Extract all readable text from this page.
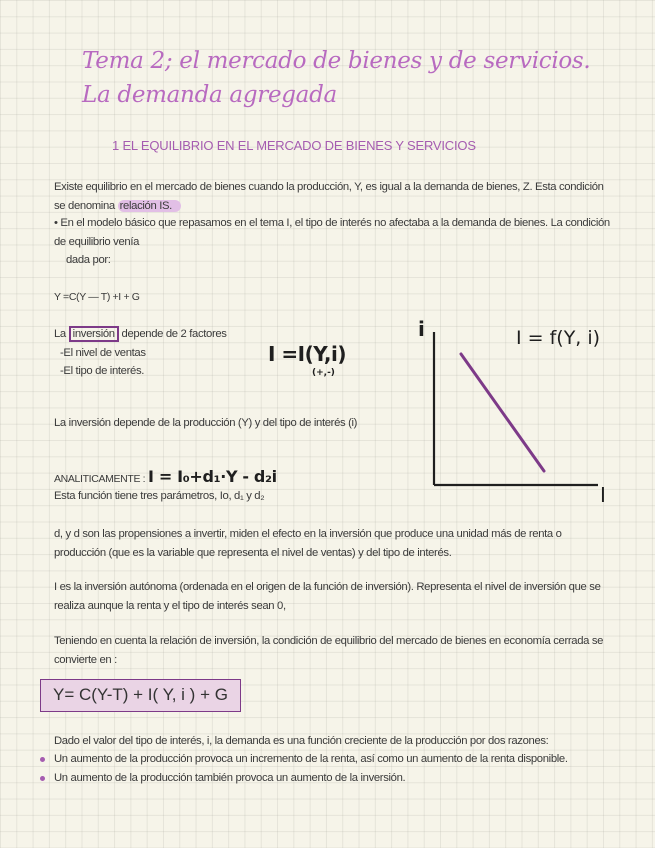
Tema 2; el mercado de bienes y de servicios.
La demanda agregada
1 EL EQUILIBRIO EN EL MERCADO DE BIENES Y SERVICIOS
Existe equilibrio en el mercado de bienes cuando la producción, Y, es igual a la demanda de bienes, Z. Esta condición se denomina relación IS.
• En el modelo básico que repasamos en el tema I, el tipo de interés no afectaba a la demanda de bienes. La condición de equilibrio venía
dada por:
Y =C(Y — T) +I + G
La inversión depende de 2 factores
-El nivel de ventas
-El tipo de interés.
I =I(Y,i)
(+,-)
i
I
I = f(Y, i)
La inversión depende de la producción (Y) y del tipo de interés (i)
ANALITICAMENTE : I = I₀+d₁·Y - d₂i
Esta función tiene tres parámetros, Io, d₁ y d₂
d, y d son las propensiones a invertir, miden el efecto en la inversión que produce una unidad más de renta o producción (que es la variable que representa el nivel de ventas) y del tipo de interés.
I es la inversión autónoma (ordenada en el origen de la función de inversión). Representa el nivel de inversión que se realiza aunque la renta y el tipo de interés sean 0,
Teniendo en cuenta la relación de inversión, la condición de equilibrio del mercado de bienes en economía cerrada se convierte en :
Y= C(Y-T) + I( Y, i ) + G
Dado el valor del tipo de interés, i, la demanda es una función creciente de la producción por dos razones:
Un aumento de la producción provoca un incremento de la renta, así como un aumento de la renta disponible.
Un aumento de la producción también provoca un aumento de la inversión.
